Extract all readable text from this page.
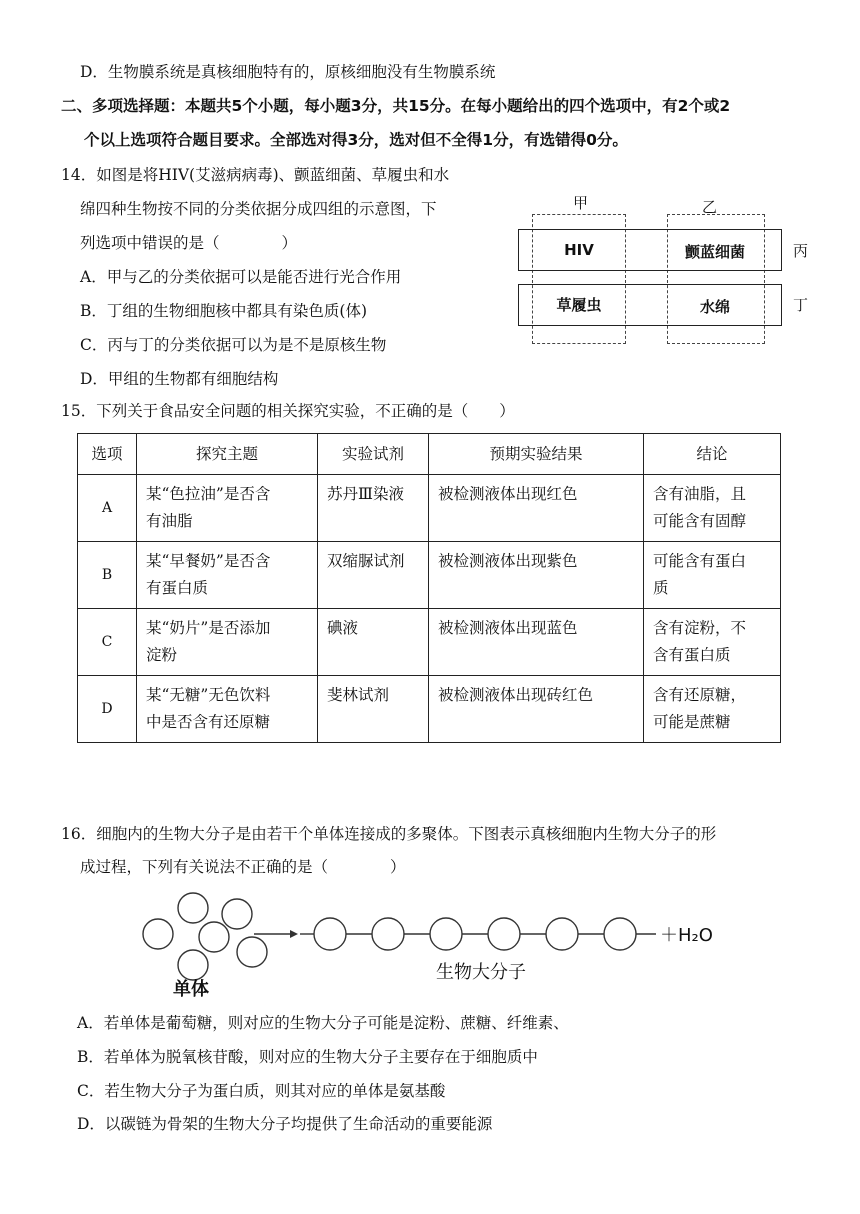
D．生物膜系统是真核细胞特有的，原核细胞没有生物膜系统
二、多项选择题：本题共5个小题，每小题3分，共15分。在每小题给出的四个选项中，有2个或2
个以上选项符合题目要求。全部选对得3分，选对但不全得1分，有选错得0分。
14．如图是将HIV(艾滋病病毒)、颤蓝细菌、草履虫和水
绵四种生物按不同的分类依据分成四组的示意图，下
列选项中错误的是（　　　　）
A．甲与乙的分类依据可以是能否进行光合作用
B．丁组的生物细胞核中都具有染色质(体)
C．丙与丁的分类依据可以为是不是原核生物
D．甲组的生物都有细胞结构
甲	乙
HIV	颤蓝细菌
草履虫	水绵
丙
丁
15．下列关于食品安全问题的相关探究实验，不正确的是（　　）
选项	探究主题	实验试剂	预期实验结果	结论
A	某“色拉油”是否含
有油脂	苏丹Ⅲ染液	被检测液体出现红色	含有油脂，且
可能含有固醇
B	某“早餐奶”是否含
有蛋白质	双缩脲试剂	被检测液体出现紫色	可能含有蛋白
质
C	某“奶片”是否添加
淀粉	碘液	被检测液体出现蓝色	含有淀粉，不
含有蛋白质
D	某“无糖”无色饮料
中是否含有还原糖	斐林试剂	被检测液体出现砖红色	含有还原糖，
可能是蔗糖
16．细胞内的生物大分子是由若干个单体连接成的多聚体。下图表示真核细胞内生物大分子的形
成过程，下列有关说法不正确的是（　　　　）
＋H₂O
生物大分子
单体
A．若单体是葡萄糖，则对应的生物大分子可能是淀粉、蔗糖、纤维素、
B．若单体为脱氧核苷酸，则对应的生物大分子主要存在于细胞质中
C．若生物大分子为蛋白质，则其对应的单体是氨基酸
D．以碳链为骨架的生物大分子均提供了生命活动的重要能源
